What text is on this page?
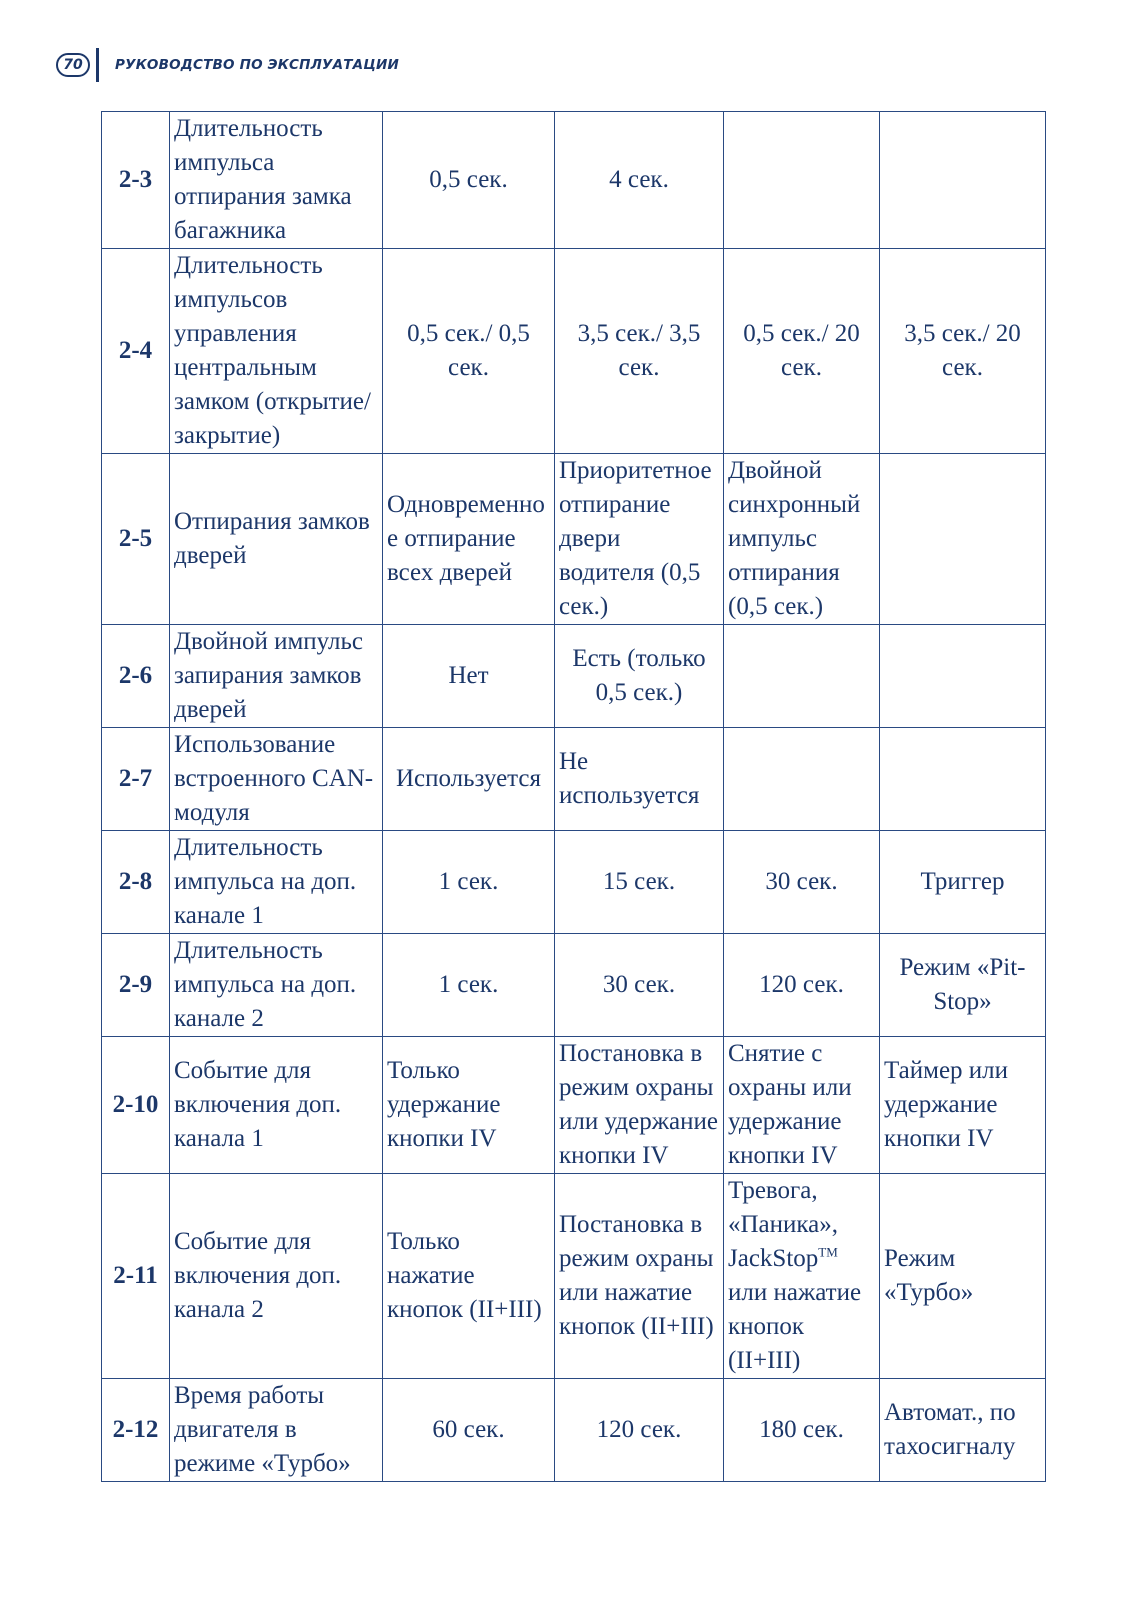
70	РУКОВОДСТВО ПО ЭКСПЛУАТАЦИИ
2-3	Длительность импульса отпирания замка багажника	0,5 сек.	4 сек.		
2-4	Длительность импульсов управления центральным замком (открытие/ закрытие)	0,5 сек./ 0,5 сек.	3,5 сек./ 3,5 сек.	0,5 сек./ 20 сек.	3,5 сек./ 20 сек.
2-5	Отпирания замков дверей	Одновременное отпирание всех дверей	Приоритетное отпирание двери водителя (0,5 сек.)	Двойной синхронный импульс отпирания (0,5 сек.)	
2-6	Двойной импульс запирания замков дверей	Нет	Есть (только 0,5 сек.)		
2-7	Использование встроенного CAN-модуля	Используется	Не используется		
2-8	Длительность импульса на доп. канале 1	1 сек.	15 сек.	30 сек.	Триггер
2-9	Длительность импульса на доп. канале 2	1 сек.	30 сек.	120 сек.	Режим «Pit-Stop»
2-10	Событие для включения доп. канала 1	Только удержание кнопки IV	Постановка в режим охраны или удержание кнопки IV	Снятие с охраны или удержание кнопки IV	Таймер или удержание кнопки IV
2-11	Событие для включения доп. канала 2	Только нажатие кнопок (II+III)	Постановка в режим охраны или нажатие кнопок (II+III)	Тревога, «Паника», JackStop™ или нажатие кнопок (II+III)	Режим «Турбо»
2-12	Время работы двигателя в режиме «Турбо»	60 сек.	120 сек.	180 сек.	Автомат., по тахосигналу
